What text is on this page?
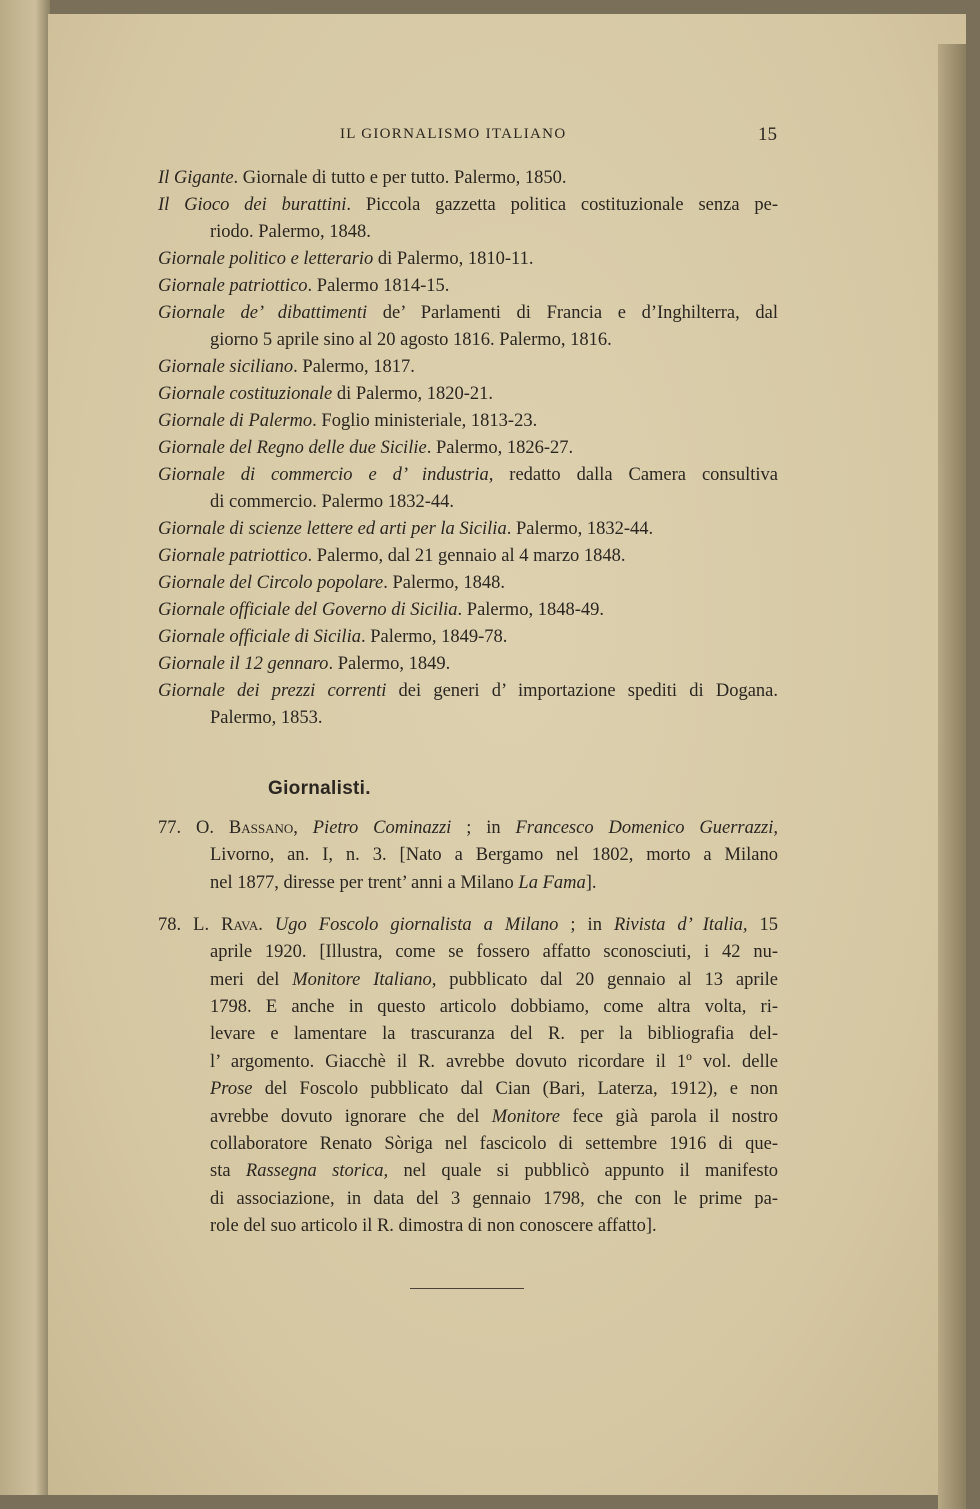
IL GIORNALISMO ITALIANO	15
Il Gigante. Giornale di tutto e per tutto. Palermo, 1850.
Il Gioco dei burattini. Piccola gazzetta politica costituzionale senza pe-
riodo. Palermo, 1848.
Giornale politico e letterario di Palermo, 1810-11.
Giornale patriottico. Palermo 1814-15.
Giornale de’ dibattimenti de’ Parlamenti di Francia e d’Inghilterra, dal
giorno 5 aprile sino al 20 agosto 1816. Palermo, 1816.
Giornale siciliano. Palermo, 1817.
Giornale costituzionale di Palermo, 1820-21.
Giornale di Palermo. Foglio ministeriale, 1813-23.
Giornale del Regno delle due Sicilie. Palermo, 1826-27.
Giornale di commercio e d’ industria, redatto dalla Camera consultiva
di commercio. Palermo 1832-44.
Giornale di scienze lettere ed arti per la Sicilia. Palermo, 1832-44.
Giornale patriottico. Palermo, dal 21 gennaio al 4 marzo 1848.
Giornale del Circolo popolare. Palermo, 1848.
Giornale officiale del Governo di Sicilia. Palermo, 1848-49.
Giornale officiale di Sicilia. Palermo, 1849-78.
Giornale il 12 gennaro. Palermo, 1849.
Giornale dei prezzi correnti dei generi d’ importazione spediti di Dogana.
Palermo, 1853.
77. O. Bassano, Pietro Cominazzi ; in Francesco Domenico Guerrazzi,
Livorno, an. I, n. 3. [Nato a Bergamo nel 1802, morto a Milano
nel 1877, diresse per trent’ anni a Milano La Fama].
78. L. Rava. Ugo Foscolo giornalista a Milano ; in Rivista d’ Italia, 15
aprile 1920. [Illustra, come se fossero affatto sconosciuti, i 42 nu-
meri del Monitore Italiano, pubblicato dal 20 gennaio al 13 aprile
1798. E anche in questo articolo dobbiamo, come altra volta, ri-
levare e lamentare la trascuranza del R. per la bibliografia del-
l’ argomento. Giacchè il R. avrebbe dovuto ricordare il 1º vol. delle
Prose del Foscolo pubblicato dal Cian (Bari, Laterza, 1912), e non
avrebbe dovuto ignorare che del Monitore fece già parola il nostro
collaboratore Renato Sòriga nel fascicolo di settembre 1916 di que-
sta Rassegna storica, nel quale si pubblicò appunto il manifesto
di associazione, in data del 3 gennaio 1798, che con le prime pa-
role del suo articolo il R. dimostra di non conoscere affatto].
Giornalisti.
